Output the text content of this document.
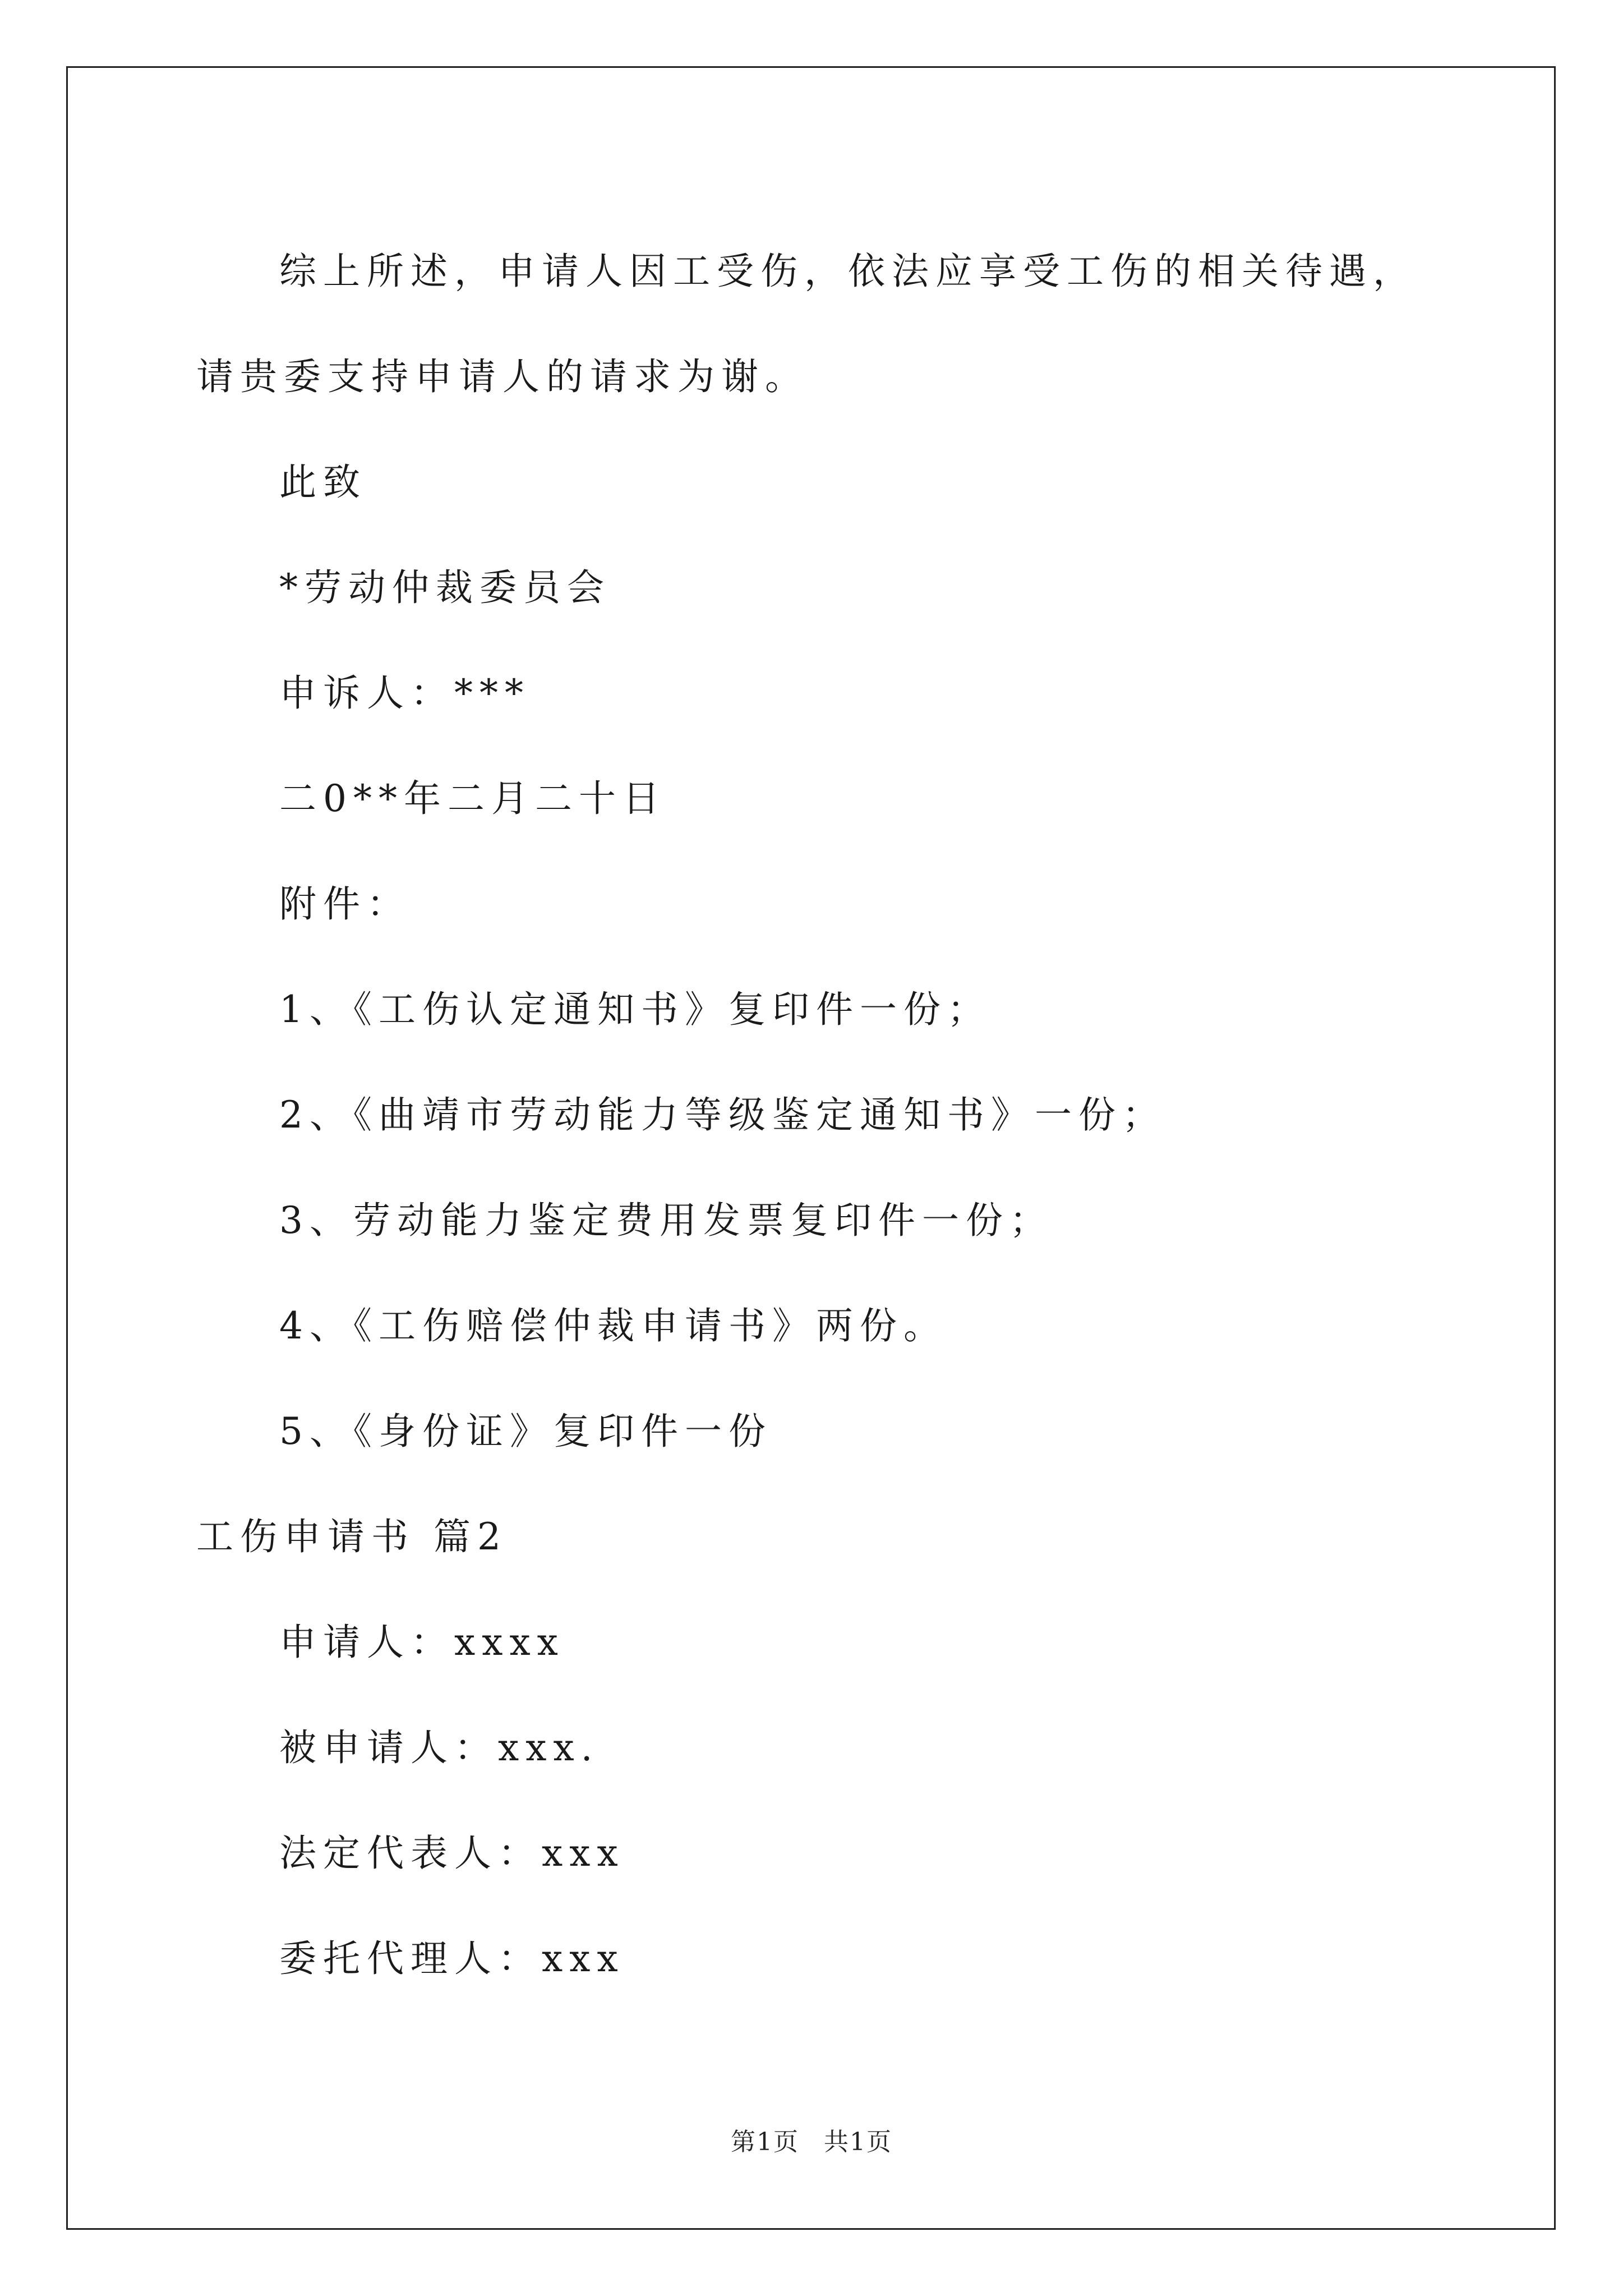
综上所述，申请人因工受伤，依法应享受工伤的相关待遇，请贵委支持申请人的请求为谢。

此致

*劳动仲裁委员会

申诉人：***

二0**年二月二十日

附件：

1、《工伤认定通知书》复印件一份；

2、《曲靖市劳动能力等级鉴定通知书》一份；

3、劳动能力鉴定费用发票复印件一份；

4、《工伤赔偿仲裁申请书》两份。

5、《身份证》复印件一份

工伤申请书 篇2

申请人：xxxx

被申请人：xxx.

法定代表人：xxx

委托代理人：xxx

第1页 共1页
